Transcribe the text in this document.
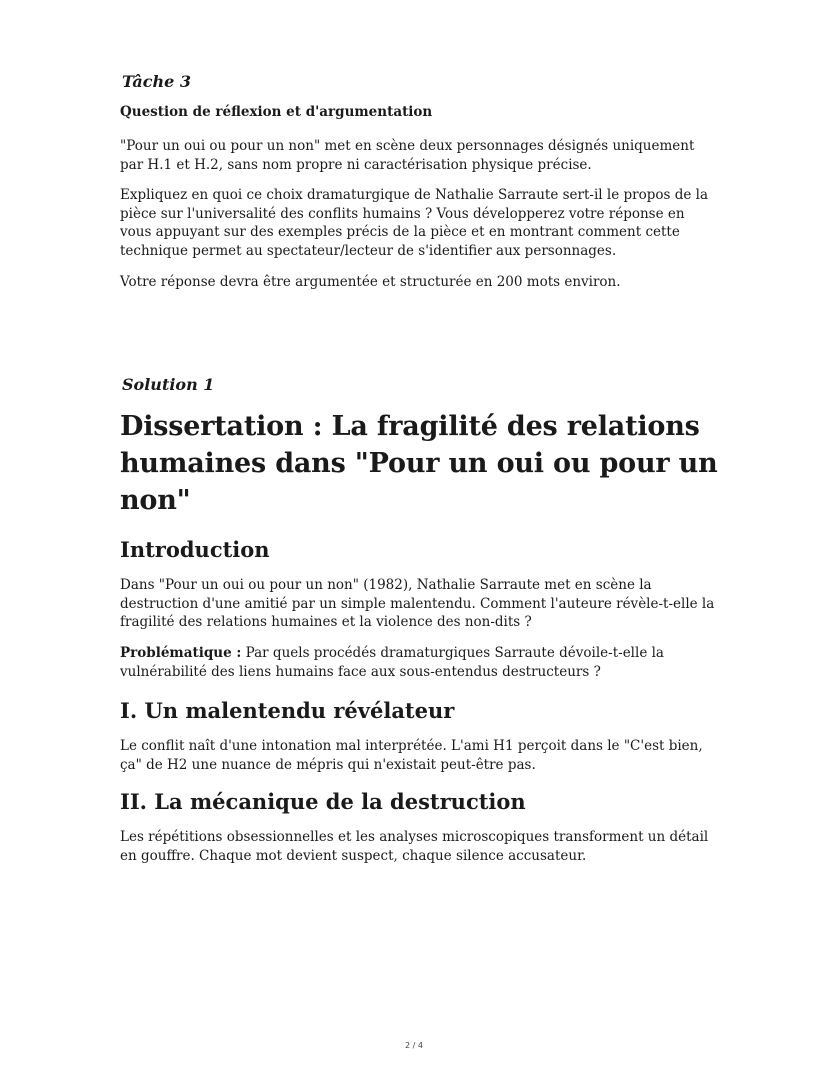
Tâche 3

Question de réflexion et d'argumentation

"Pour un oui ou pour un non" met en scène deux personnages désignés uniquement par H.1 et H.2, sans nom propre ni caractérisation physique précise.

Expliquez en quoi ce choix dramaturgique de Nathalie Sarraute sert-il le propos de la pièce sur l'universalité des conflits humains ? Vous développerez votre réponse en vous appuyant sur des exemples précis de la pièce et en montrant comment cette technique permet au spectateur/lecteur de s'identifier aux personnages.

Votre réponse devra être argumentée et structurée en 200 mots environ.

Solution 1
Dissertation : La fragilité des relations humaines dans "Pour un oui ou pour un non"
Introduction

Dans "Pour un oui ou pour un non" (1982), Nathalie Sarraute met en scène la destruction d'une amitié par un simple malentendu. Comment l'auteure révèle-t-elle la fragilité des relations humaines et la violence des non-dits ?

Problématique : Par quels procédés dramaturgiques Sarraute dévoile-t-elle la vulnérabilité des liens humains face aux sous-entendus destructeurs ?

I. Un malentendu révélateur

Le conflit naît d'une intonation mal interprétée. L'ami H1 perçoit dans le "C'est bien, ça" de H2 une nuance de mépris qui n'existait peut-être pas.

II. La mécanique de la destruction

Les répétitions obsessionnelles et les analyses microscopiques transforment un détail en gouffre. Chaque mot devient suspect, chaque silence accusateur.

2 / 4
